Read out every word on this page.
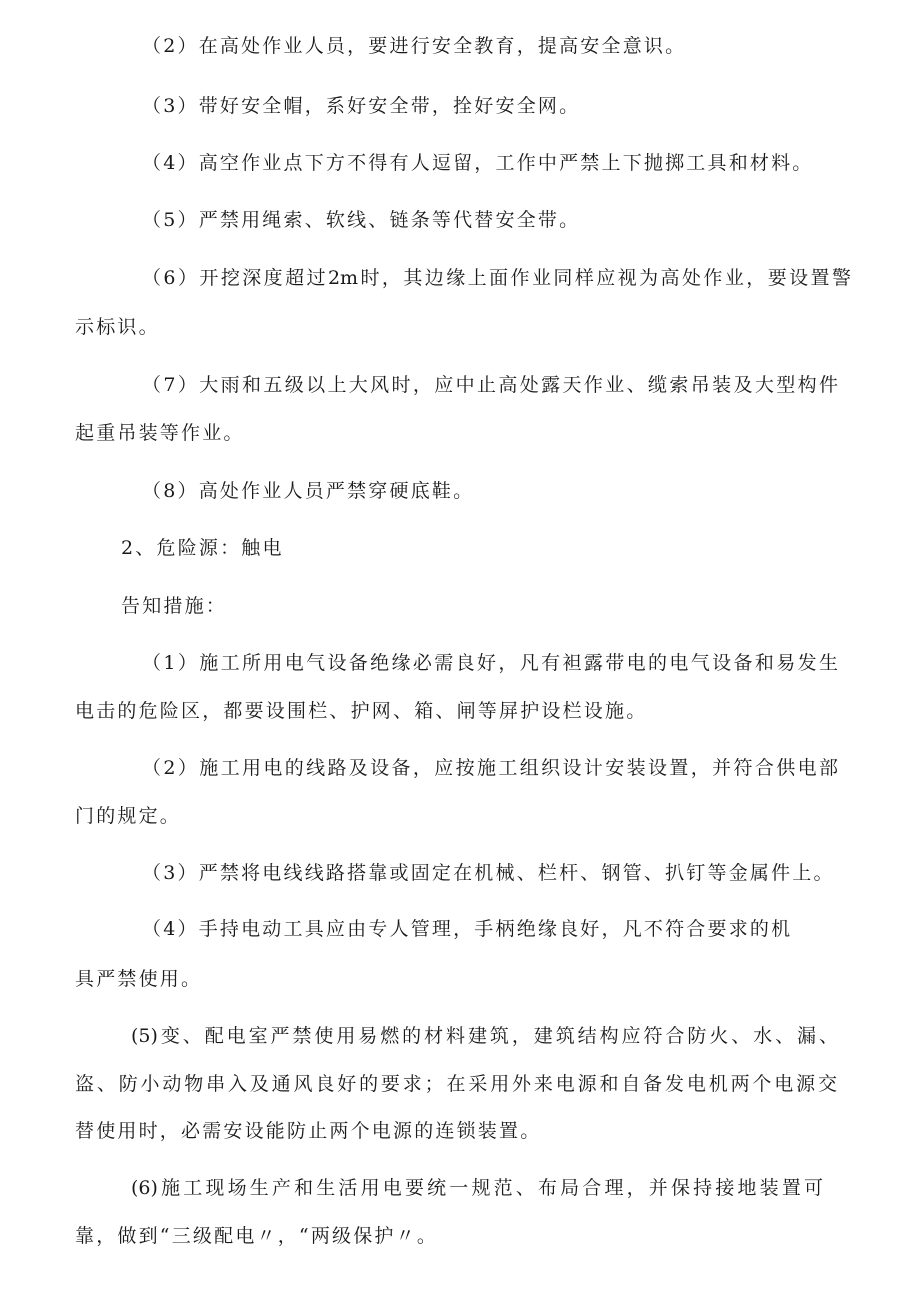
（2）在高处作业人员，要进行安全教育，提高安全意识。
（3）带好安全帽，系好安全带，拴好安全网。
（4）高空作业点下方不得有人逗留，工作中严禁上下抛掷工具和材料。
（5）严禁用绳索、软线、链条等代替安全带。
（6）开挖深度超过2m时，其边缘上面作业同样应视为高处作业，要设置警
示标识。
（7）大雨和五级以上大风时，应中止高处露天作业、缆索吊装及大型构件
起重吊装等作业。
（8）高处作业人员严禁穿硬底鞋。
2、危险源：触电
告知措施：
（1）施工所用电气设备绝缘必需良好，凡有袒露带电的电气设备和易发生
电击的危险区，都要设围栏、护网、箱、闸等屏护设栏设施。
（2）施工用电的线路及设备，应按施工组织设计安装设置，并符合供电部
门的规定。
（3）严禁将电线线路搭靠或固定在机械、栏杆、钢管、扒钉等金属件上。
（4）手持电动工具应由专人管理，手柄绝缘良好，凡不符合要求的机
具严禁使用。
(5)变、配电室严禁使用易燃的材料建筑，建筑结构应符合防火、水、漏、
盗、防小动物串入及通风良好的要求；在采用外来电源和自备发电机两个电源交
替使用时，必需安设能防止两个电源的连锁装置。
(6)施工现场生产和生活用电要统一规范、布局合理，并保持接地装置可
靠，做到“三级配电〃，“两级保护〃。
